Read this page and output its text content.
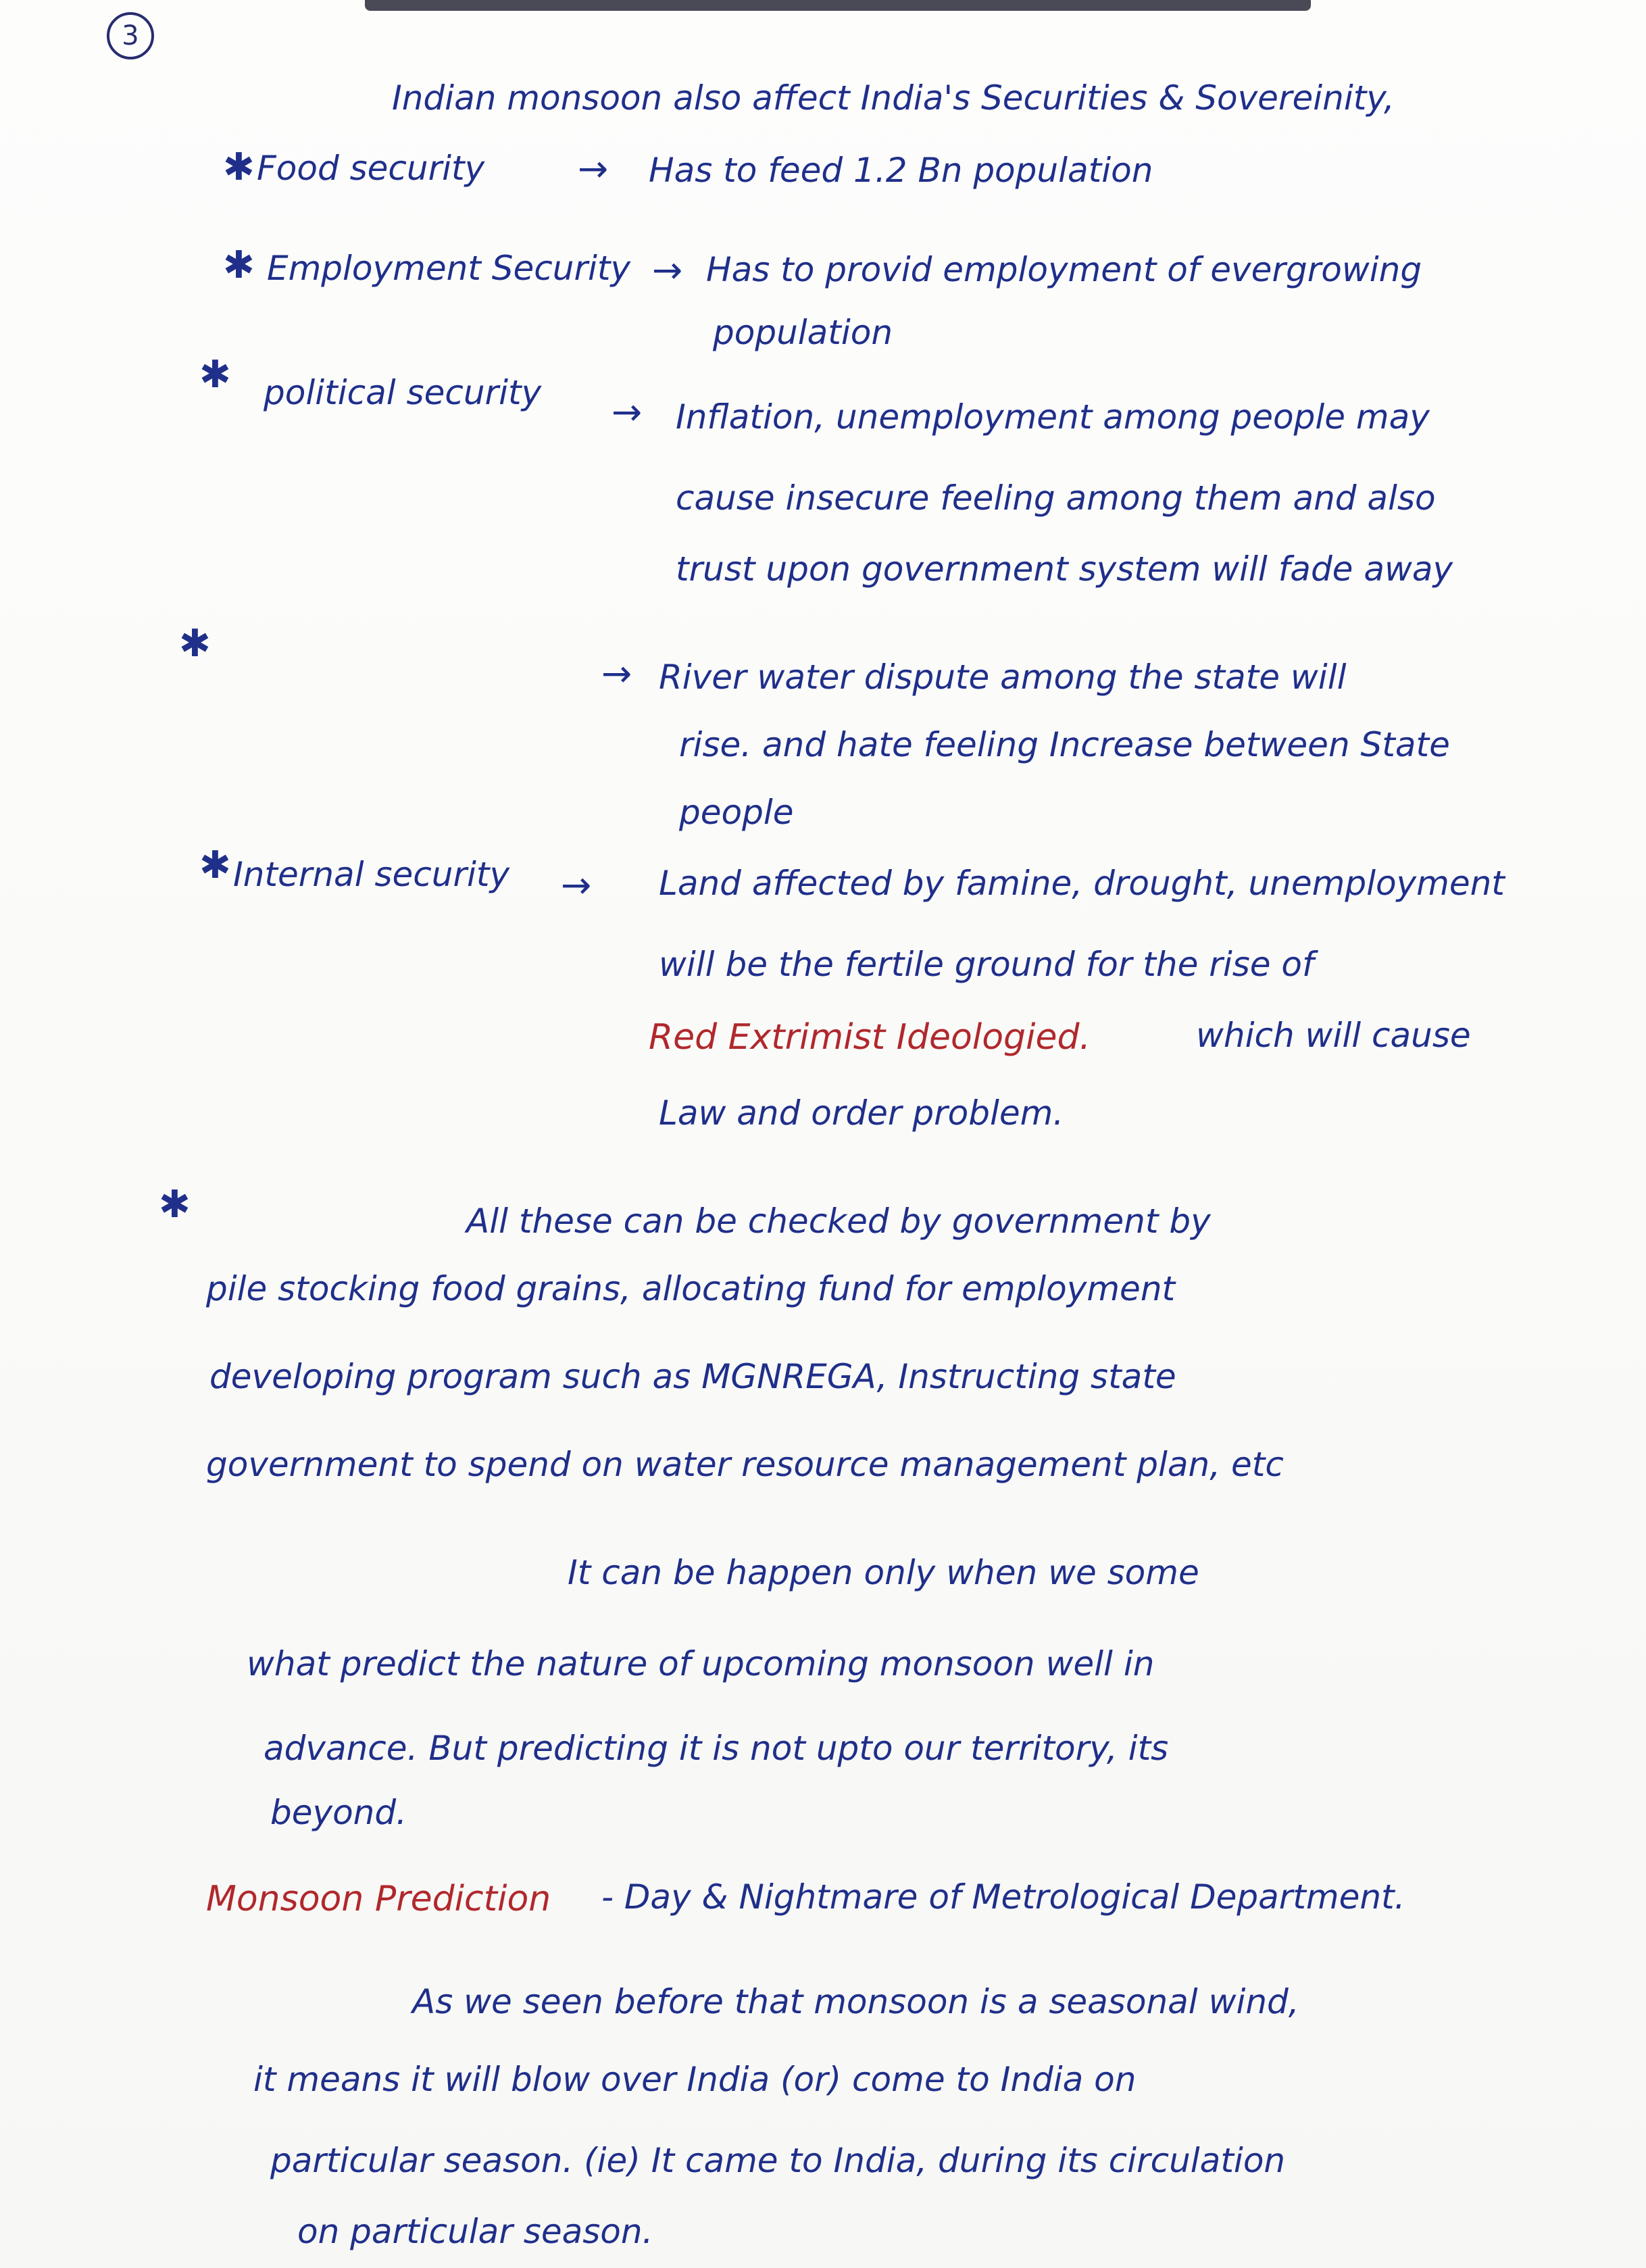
3
Indian monsoon also affect India's Securities & Sovereinity,
✱ Food security	→ Has to feed 1.2 Bn population
✱ Employment Security → Has to provid employment of evergrowing
population
✱ political security → Inflation, unemployment among people may
cause insecure feeling among them and also
trust upon government system will fade away
✱
→ River water dispute among the state will
rise. and hate feeling Increase between State
people
✱ Internal security → Land affected by famine, drought, unemployment
will be the fertile ground for the rise of
Red Extrimist Ideologied.	which will cause
Law and order problem.
✱	All these can be checked by government by
pile stocking food grains, allocating fund for employment
developing program such as MGNREGA, Instructing state
government to spend on water resource management plan, etc
It can be happen only when we some
what predict the nature of upcoming monsoon well in
advance. But predicting it is not upto our territory, its
beyond.
Monsoon Prediction - Day & Nightmare of Metrological Department.
As we seen before that monsoon is a seasonal wind,
it means it will blow over India (or) come to India on
particular season. (ie) It came to India, during its circulation
on particular season.
